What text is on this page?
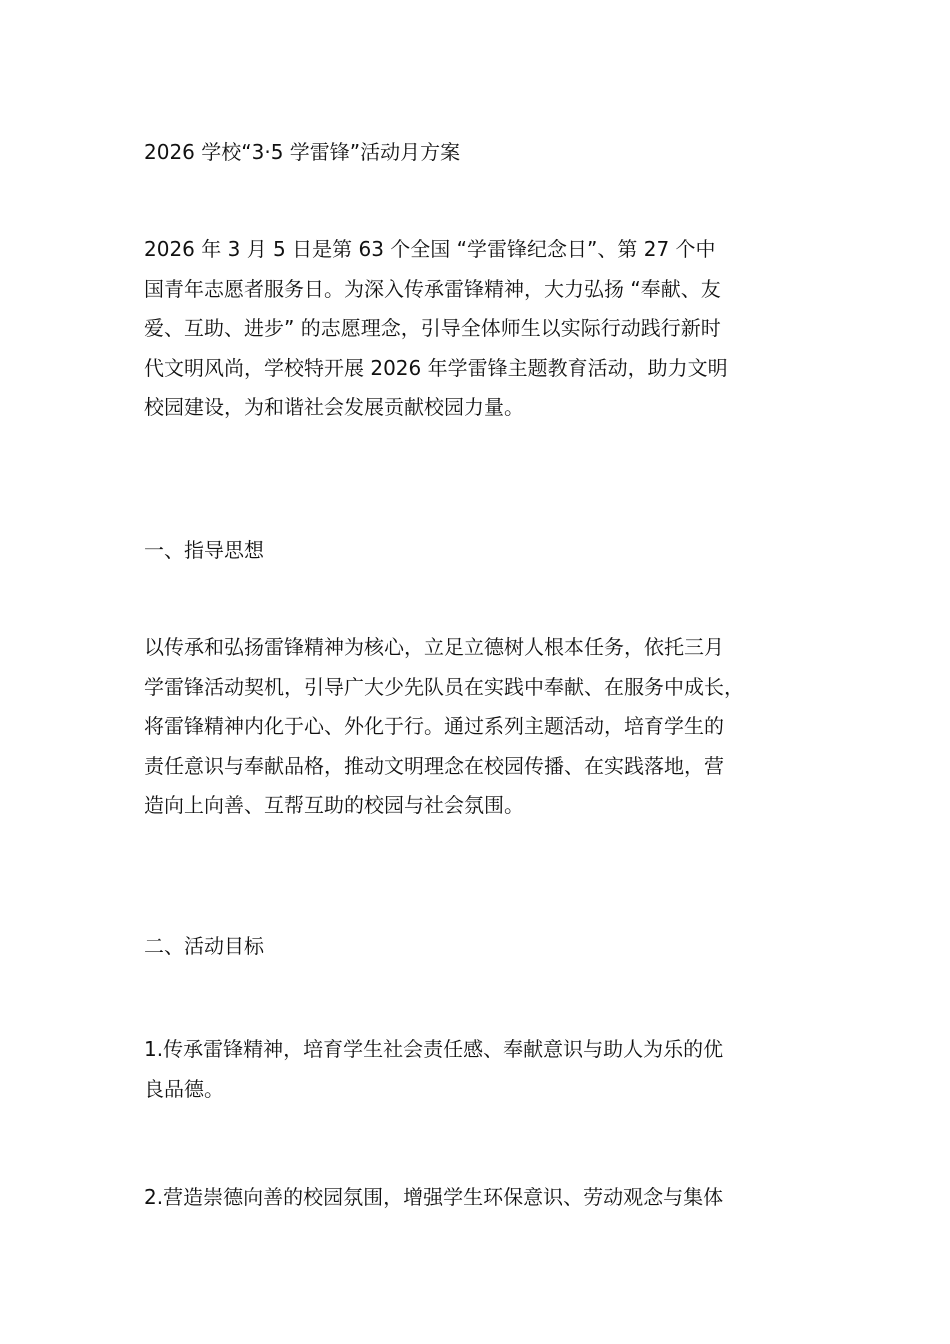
2026 学校“3·5 学雷锋”活动月方案
2026 年 3 月 5 日是第 63 个全国 “学雷锋纪念日”、第 27 个中
国青年志愿者服务日。为深入传承雷锋精神，大力弘扬 “奉献、友
爱、互助、进步” 的志愿理念，引导全体师生以实际行动践行新时
代文明风尚，学校特开展 2026 年学雷锋主题教育活动，助力文明
校园建设，为和谐社会发展贡献校园力量。
一、指导思想
以传承和弘扬雷锋精神为核心，立足立德树人根本任务，依托三月
学雷锋活动契机，引导广大少先队员在实践中奉献、在服务中成长，
将雷锋精神内化于心、外化于行。通过系列主题活动，培育学生的
责任意识与奉献品格，推动文明理念在校园传播、在实践落地，营
造向上向善、互帮互助的校园与社会氛围。
二、活动目标
1.传承雷锋精神，培育学生社会责任感、奉献意识与助人为乐的优
良品德。
2.营造崇德向善的校园氛围，增强学生环保意识、劳动观念与集体
